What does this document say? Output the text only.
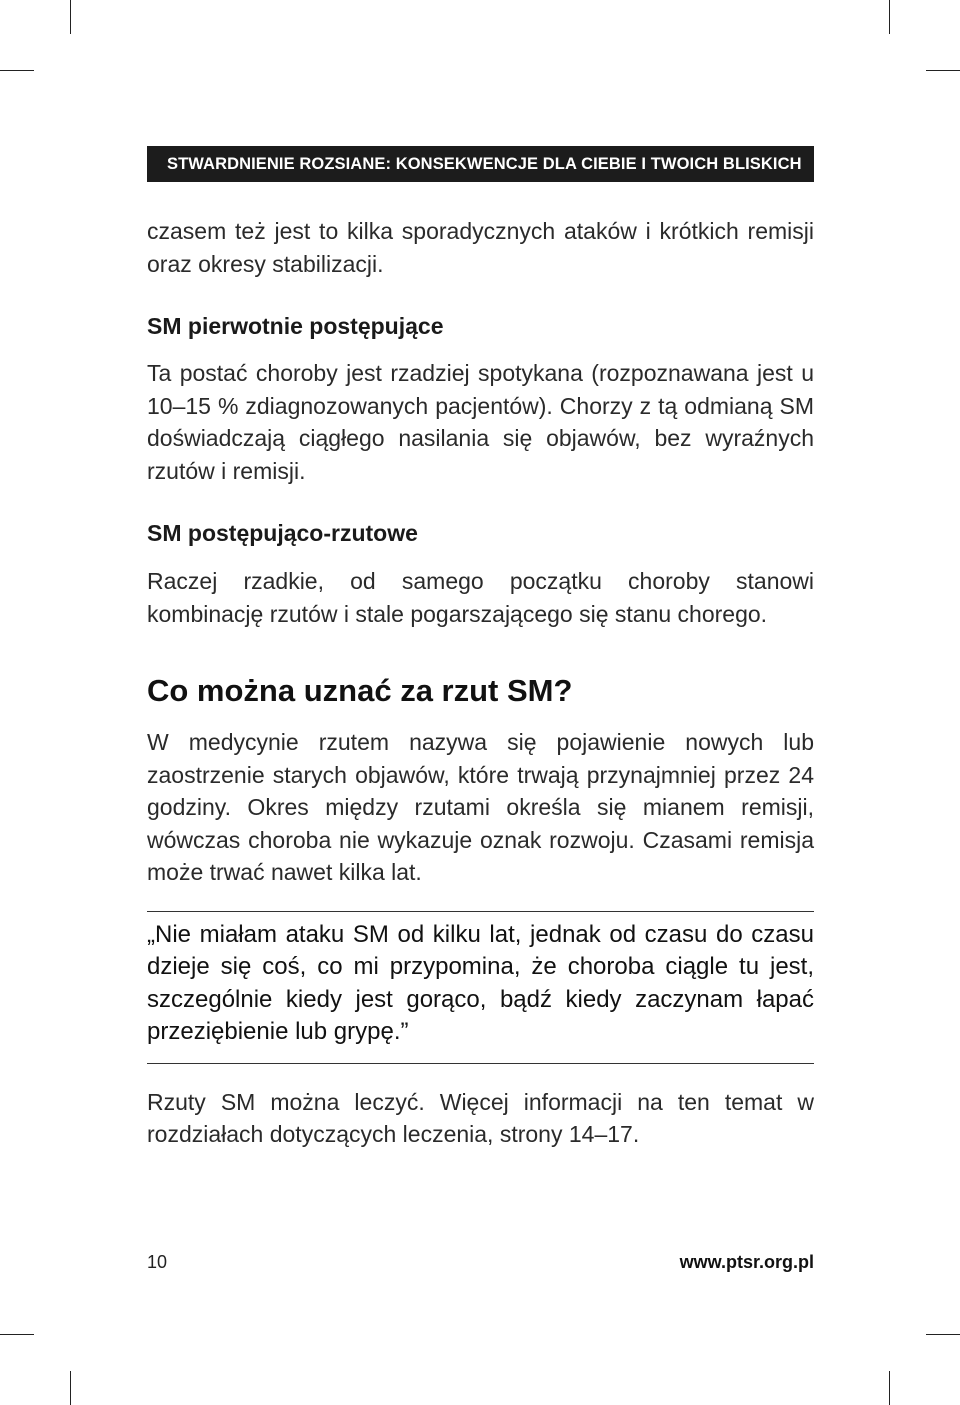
STWARDNIENIE ROZSIANE: KONSEKWENCJE DLA CIEBIE I TWOICH BLISKICH

czasem też jest to kilka sporadycznych ataków i krótkich remisji oraz okresy stabilizacji.

SM pierwotnie postępujące

Ta postać choroby jest rzadziej spotykana (rozpoznawana jest u 10–15 % zdiagnozowanych pacjentów). Chorzy z tą odmianą SM doświadczają ciągłego nasilania się objawów, bez wyraźnych rzutów i remisji.

SM postępująco-rzutowe

Raczej rzadkie, od samego początku choroby stanowi kombinację rzutów i stale pogarszającego się stanu chorego.

Co można uznać za rzut SM?

W medycynie rzutem nazywa się pojawienie nowych lub zaostrzenie starych objawów, które trwają przynajmniej przez 24 godziny. Okres między rzutami określa się mianem remisji, wówczas choroba nie wykazuje oznak rozwoju. Czasami remisja może trwać nawet kilka lat.

„Nie miałam ataku SM od kilku lat, jednak od czasu do czasu dzieje się coś, co mi przypomina, że choroba ciągle tu jest, szczególnie kiedy jest gorąco, bądź kiedy zaczynam łapać przeziębienie lub grypę.”

Rzuty SM można leczyć. Więcej informacji na ten temat w rozdziałach dotyczących leczenia, strony 14–17.

10	www.ptsr.org.pl
